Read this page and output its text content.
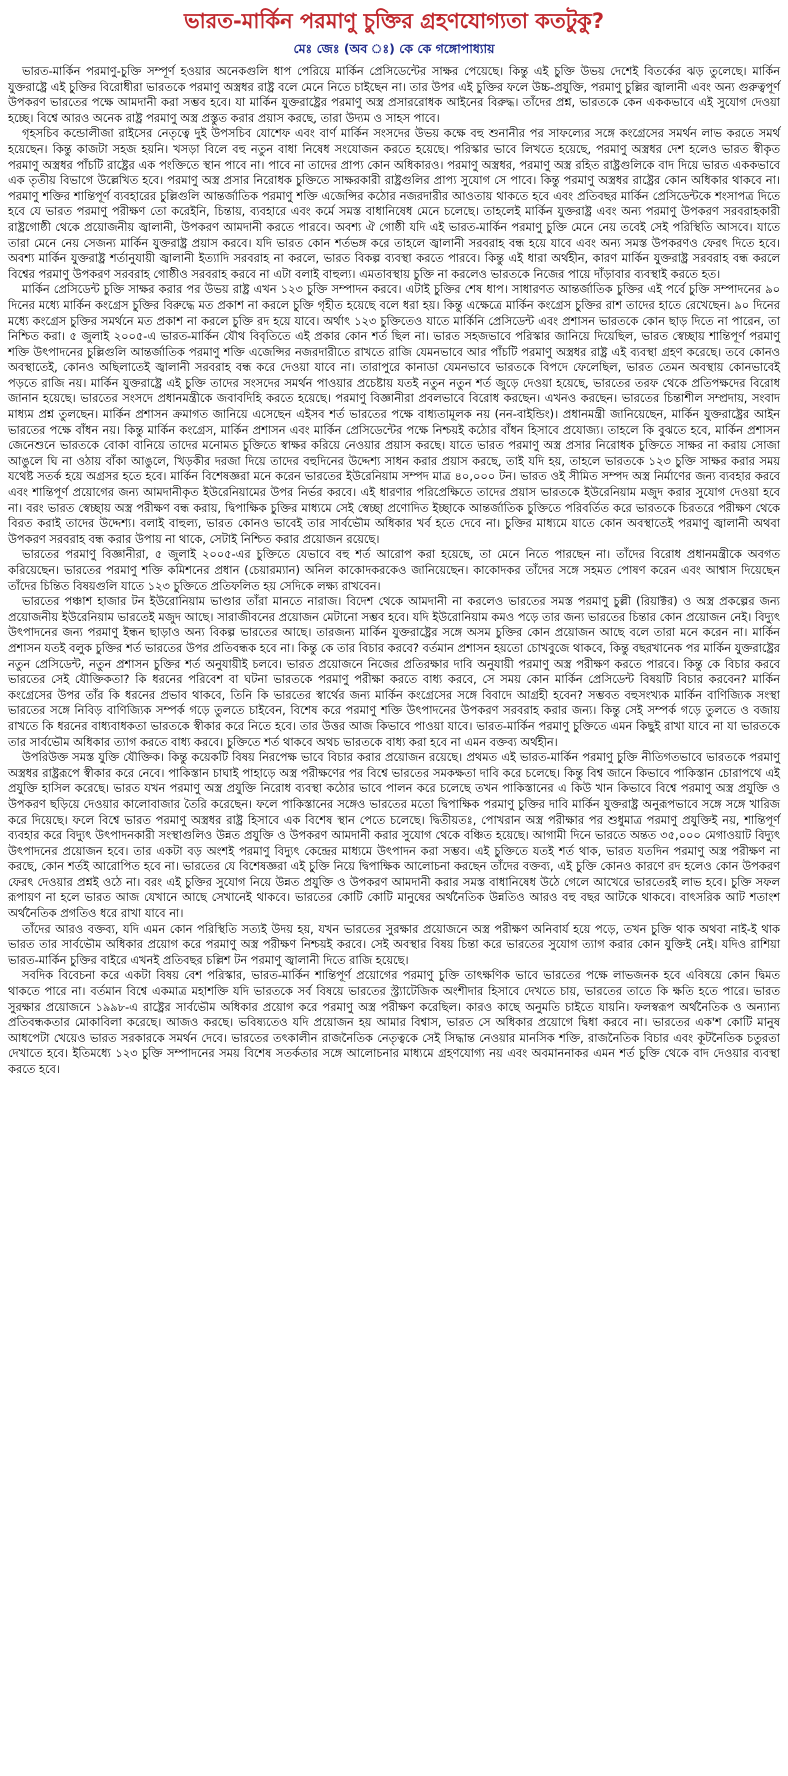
ভারত-মার্কিন পরমাণু চুক্তির গ্রহণযোগ্যতা কতটুকু?
মেঃ জেঃ (অব ঃ) কে কে গঙ্গোপাধ্যায়

ভারত-মার্কিন পরমাণু-চুক্তি সম্পূর্ণ হওয়ার অনেকগুলি ধাপ পেরিয়ে মার্কিন প্রেসিডেন্টের সাক্ষর পেয়েছে। কিন্তু এই চুক্তি উভয় দেশেই বিতর্কের ঝড় তুলেছে। মার্কিন যুক্তরাষ্ট্রে এই চুক্তির বিরোধীরা ভারতকে পরমাণু অস্ত্রধর রাষ্ট্র বলে মেনে নিতে চাইছেন না। তার উপর এই চুক্তির ফলে উচ্চ-প্রযুক্তি, পরমাণু চুল্লির জ্বালানী এবং অন্য গুরুত্বপূর্ণ উপকরণ ভারতের পক্ষে আমদানী করা সম্ভব হবে। যা মার্কিন যুক্তরাষ্ট্রের পরমাণু অস্ত্র প্রসাররোধক আইনের বিরুদ্ধ। তাঁদের প্রশ্ন, ভারতকে কেন এককভাবে এই সুযোগ দেওয়া হচ্ছে। বিশ্বে আরও অনেক রাষ্ট্র পরমাণু অস্ত্র প্রস্তুত করার প্রয়াস করছে, তারা উদ্যম ও সাহস পাবে।

গৃহসচিব কন্ডোলীজা রাইসের নেতৃত্বে দুই উপসচিব যোশেফ এবং বার্ণ মার্কিন সংসদের উভয় কক্ষে বহু শুনানীর পর সাফল্যের সঙ্গে কংগ্রেসের সমর্থন লাভ করতে সমর্থ হয়েছেন। কিন্তু কাজটা সহজ হয়নি। খসড়া বিলে বহু নতুন বাধা নিষেধ সংযোজন করতে হয়েছে। পরিস্কার ভাবে লিখতে হয়েছে, পরমাণু অস্ত্রধর দেশ হলেও ভারত স্বীকৃত পরমাণু অস্ত্রধর পাঁচটি রাষ্ট্রের এক পংক্তিতে স্থান পাবে না। পাবে না তাদের প্রাপ্য কোন অধিকারও। পরমাণু অস্ত্রধর, পরমাণু অস্ত্র রহিত রাষ্ট্রগুলিকে বাদ দিয়ে ভারত এককভাবে এক তৃতীয় বিভাগে উল্লেখিত হবে। পরমাণু অস্ত্র প্রসার নিরোধক চুক্তিতে সাক্ষরকারী রাষ্ট্রগুলির প্রাপ্য সুযোগ সে পাবে। কিন্তু পরমাণু অস্ত্রধর রাষ্ট্রের কোন অধিকার থাকবে না। পরমাণু শক্তির শান্তিপূর্ণ ব্যবহারের চুল্লিগুলি আন্তর্জাতিক পরমাণু শক্তি এজেন্সির কঠোর নজরদারীর আওতায় থাকতে হবে এবং প্রতিবছর মার্কিন প্রেসিডেন্টকে শংসাপত্র দিতে হবে যে ভারত পরমাণু পরীক্ষণ তো করেইনি, চিন্তায়, ব্যবহারে এবং কর্মে সমস্ত বাধানিষেধ মেনে চলেছে। তাহলেই মার্কিন যুক্তরাষ্ট্র এবং অন্য পরমাণু উপকরণ সরবরাহকারী রাষ্ট্রগোষ্ঠী থেকে প্রয়োজনীয় জ্বালানী, উপকরণ আমদানী করতে পারবে। অবশ্য ঐ গোষ্ঠী যদি এই ভারত-মার্কিন পরমাণু চুক্তি মেনে নেয় তবেই সেই পরিস্থিতি আসবে। যাতে তারা মেনে নেয় সেজন্য মার্কিন যুক্তরাষ্ট্র প্রয়াস করবে। যদি ভারত কোন শর্তভঙ্গ করে তাহলে জ্বালানী সরবরাহ বন্ধ হয়ে যাবে এবং অন্য সমস্ত উপকরণও ফেরৎ দিতে হবে। অবশ্য মার্কিন যুক্তরাষ্ট্র শর্তানুযায়ী জ্বালানী ইত্যাদি সরবরাহ না করলে, ভারত বিকল্প ব্যবস্থা করতে পারবে। কিন্তু এই ধারা অর্থহীন, কারণ মার্কিন যুক্তরাষ্ট্র সরবরাহ বন্ধ করলে বিশ্বের পরমাণু উপকরণ সরবরাহ গোষ্ঠীও সরবরাহ করবে না এটা বলাই বাহুল্য। এমতাবস্থায় চুক্তি না করলেও ভারতকে নিজের পায়ে দাঁড়াবার ব্যবস্থাই করতে হত।

মার্কিন প্রেসিডেন্ট চুক্তি সাক্ষর করার পর উভয় রাষ্ট্র এখন ১২৩ চুক্তি সম্পাদন করবে। এটাই চুক্তির শেষ ধাপ। সাধারণত আন্তর্জাতিক চুক্তির এই পর্বে চুক্তি সম্পাদনের ৯০ দিনের মধ্যে মার্কিন কংগ্রেস চুক্তির বিরুদ্ধে মত প্রকাশ না করলে চুক্তি গৃহীত হয়েছে বলে ধরা হয়। কিন্তু এক্ষেত্রে মার্কিন কংগ্রেস চুক্তির রাশ তাদের হাতে রেখেছেন। ৯০ দিনের মধ্যে কংগ্রেস চুক্তির সমর্থনে মত প্রকাশ না করলে চুক্তি রদ হয়ে যাবে। অর্থাৎ ১২৩ চুক্তিতেও যাতে মার্কিনি প্রেসিডেন্ট এবং প্রশাসন ভারতকে কোন ছাড় দিতে না পারেন, তা নিশ্চিত করা। ৫ জুলাই ২০০৫-এ ভারত-মার্কিন যৌথ বিবৃতিতে এই প্রকার কোন শর্ত ছিল না। ভারত সহজভাবে পরিস্কার জানিয়ে দিয়েছিল, ভারত স্বেচ্ছায় শান্তিপূর্ণ পরমাণু শক্তি উৎপাদনের চুল্লিগুলি আন্তর্জাতিক পরমাণু শক্তি এজেন্সির নজরদারীতে রাখতে রাজি যেমনভাবে আর পাঁচটি পরমাণু অস্ত্রধর রাষ্ট্র এই ব্যবস্থা গ্রহণ করেছে। তবে কোনও অবস্থাতেই, কোনও অছিলাতেই জ্বালানী সরবরাহ বন্ধ করে দেওয়া যাবে না। তারাপুরে কানাডা যেমনভাবে ভারতকে বিপদে ফেলেছিল, ভারত তেমন অবস্থায় কোনভাবেই পড়তে রাজি নয়। মার্কিন যুক্তরাষ্ট্রে এই চুক্তি তাদের সংসদের সমর্থন পাওয়ার প্রচেষ্টায় যতই নতুন নতুন শর্ত জুড়ে দেওয়া হয়েছে, ভারতের তরফ থেকে প্রতিপক্ষদের বিরোধ জানান হয়েছে। ভারতের সংসদে প্রধানমন্ত্রীকে জবাবদিহি করতে হয়েছে। পরমাণু বিজ্ঞানীরা প্রবলভাবে বিরোধ করছেন। এখনও করছেন। ভারতের চিন্তাশীল সম্প্রদায়, সংবাদ মাধ্যম প্রশ্ন তুলছেন। মার্কিন প্রশাসন ক্রমাগত জানিয়ে এসেছেন এইসব শর্ত ভারতের পক্ষে বাধ্যতামূলক নয় (নন-বাইন্ডিং)। প্রধানমন্ত্রী জানিয়েছেন, মার্কিন যুক্তরাষ্ট্রের আইন ভারতের পক্ষে বাঁধন নয়। কিন্তু মার্কিন কংগ্রেস, মার্কিন প্রশাসন এবং মার্কিন প্রেসিডেন্টের পক্ষে নিশ্চয়ই কঠোর বাঁধন হিসাবে প্রযোজ্য। তাহলে কি বুঝতে হবে, মার্কিন প্রশাসন জেনেশুনে ভারতকে বোকা বানিয়ে তাদের মনোমত চুক্তিতে স্বাক্ষর করিয়ে নেওয়ার প্রয়াস করছে। যাতে ভারত পরমাণু অস্ত্র প্রসার নিরোধক চুক্তিতে সাক্ষর না করায় সোজা আঙুলে ঘি না ওঠায় বাঁকা আঙুলে, খিড়কীর দরজা দিয়ে তাদের বহুদিনের উদ্দেশ্য সাধন করার প্রয়াস করছে, তাই যদি হয়, তাহলে ভারতকে ১২৩ চুক্তি সাক্ষর করার সময় যথেষ্ট সতর্ক হয়ে অগ্রসর হতে হবে। মার্কিন বিশেষজ্ঞরা মনে করেন ভারতের ইউরেনিয়াম সম্পদ মাত্র ৪০,০০০ টন। ভারত ওই সীমিত সম্পদ অস্ত্র নির্মাণের জন্য ব্যবহার করবে এবং শান্তিপূর্ণ প্রয়োগের জন্য আমদানীকৃত ইউরেনিয়ামের উপর নির্ভর করবে। এই ধারণার পরিপ্রেক্ষিতে তাদের প্রয়াস ভারতকে ইউরেনিয়াম মজুদ করার সুযোগ দেওয়া হবে না। বরং ভারত স্বেচ্ছায় অস্ত্র পরীক্ষণ বন্ধ করায়, দ্বিপাক্ষিক চুক্তির মাধ্যমে সেই স্বেচ্ছা প্রণোদিত ইচ্ছাকে আন্তর্জাতিক চুক্তিতে পরিবর্তিত করে ভারতকে চিরতরে পরীক্ষণ থেকে বিরত করাই তাদের উদ্দেশ্য। বলাই বাহুল্য, ভারত কোনও ভাবেই তার সার্বভৌম অধিকার খর্ব হতে দেবে না। চুক্তির মাধ্যমে যাতে কোন অবস্থাতেই পরমাণু জ্বালানী অথবা উপকরণ সরবরাহ বন্ধ করার উপায় না থাকে, সেটাই নিশ্চিত করার প্রয়োজন রয়েছে।

ভারতের পরমাণু বিজ্ঞানীরা, ৫ জুলাই ২০০৫-এর চুক্তিতে যেভাবে বহু শর্ত আরোপ করা হয়েছে, তা মেনে নিতে পারছেন না। তাঁদের বিরোধ প্রধানমন্ত্রীকে অবগত করিয়েছেন। ভারতের পরমাণু শক্তি কমিশনের প্রধান (চেয়ারম্যান) অনিল কাকোদকরকেও জানিয়েছেন। কাকোদকর তাঁদের সঙ্গে সহমত পোষণ করেন এবং আশ্বাস দিয়েছেন তাঁদের চিন্তিত বিষয়গুলি যাতে ১২৩ চুক্তিতে প্রতিফলিত হয় সেদিকে লক্ষ্য রাখবেন।

ভারতের পঞ্চাশ হাজার টন ইউরোনিয়াম ভাণ্ডার তাঁরা মানতে নারাজ। বিদেশ থেকে আমদানী না করলেও ভারতের সমস্ত পরমাণু চুল্লী (রিয়াক্টর) ও অস্ত্র প্রকল্পের জন্য প্রয়োজনীয় ইউরেনিয়াম ভারতেই মজুদ আছে। সারাজীবনের প্রয়োজন মেটানো সম্ভব হবে। যদি ইউরোনিয়াম কমও পড়ে তার জন্য ভারতের চিন্তার কোন প্রয়োজন নেই। বিদ্যুৎ উৎপাদনের জন্য পরমাণু ইন্ধন ছাড়াও অন্য বিকল্প ভারতের আছে। তারজন্য মার্কিন যুক্তরাষ্ট্রের সঙ্গে অসম চুক্তির কোন প্রয়োজন আছে বলে তারা মনে করেন না। মার্কিন প্রশাসন যতই বলুক চুক্তির শর্ত ভারতের উপর প্রতিবন্ধক হবে না। কিন্তু কে তার বিচার করবে? বর্তমান প্রশাসন হয়তো চোখবুজে থাকবে, কিন্তু বছরখানেক পর মার্কিন যুক্তরাষ্ট্রের নতুন প্রেসিডেন্ট, নতুন প্রশাসন চুক্তির শর্ত অনুযায়ীই চলবে। ভারত প্রয়োজনে নিজের প্রতিরক্ষার দাবি অনুযায়ী পরমাণু অস্ত্র পরীক্ষণ করতে পারবে। কিন্তু কে বিচার করবে ভারতের সেই যৌক্তিকতা? কি ধরনের পরিবেশ বা ঘটনা ভারতকে পরমাণু পরীক্ষা করতে বাধ্য করবে, সে সময় কোন মার্কিন প্রেসিডেন্ট বিষয়টি বিচার করবেন? মার্কিন কংগ্রেসের উপর তাঁর কি ধরনের প্রভাব থাকবে, তিনি কি ভারতের স্বার্থের জন্য মার্কিন কংগ্রেসের সঙ্গে বিবাদে আগ্রহী হবেন? সম্ভবত বহুসংখ্যক মার্কিন বাণিজ্যিক সংস্থা ভারতের সঙ্গে নিবিড় বাণিজ্যিক সম্পর্ক গড়ে তুলতে চাইবেন, বিশেষ করে পরমাণু শক্তি উৎপাদনের উপকরণ সরবরাহ করার জন্য। কিন্তু সেই সম্পর্ক গড়ে তুলতে ও বজায় রাখতে কি ধরনের বাধ্যবাধকতা ভারতকে স্বীকার করে নিতে হবে। তার উত্তর আজ কিভাবে পাওয়া যাবে। ভারত-মার্কিন পরমাণু চুক্তিতে এমন কিছুই রাখা যাবে না যা ভারতকে তার সার্বভৌম অধিকার ত্যাগ করতে বাধ্য করবে। চুক্তিতে শর্ত থাকবে অথচ ভারতকে বাধ্য করা হবে না এমন বক্তব্য অর্থহীন।

উপরিউক্ত সমস্ত যুক্তি যৌক্তিক। কিন্তু কয়েকটি বিষয় নিরপেক্ষ ভাবে বিচার করার প্রয়োজন রয়েছে। প্রথমত এই ভারত-মার্কিন পরমাণু চুক্তি নীতিগতভাবে ভারতকে পরমাণু অস্ত্রধর রাষ্ট্ররূপে স্বীকার করে নেবে। পাকিস্তান চাঘাই পাহাড়ে অস্ত্র পরীক্ষণের পর বিশ্বে ভারতের সমকক্ষতা দাবি করে চলেছে। কিন্তু বিশ্ব জানে কিভাবে পাকিস্তান চোরাপথে এই প্রযুক্তি হাসিল করেছে। ভারত যখন পরমাণু অস্ত্র প্রযুক্তি নিরোধ ব্যবস্থা কঠোর ভাবে পালন করে চলেছে তখন পাকিস্তানের এ কিউ খান কিভাবে বিশ্বে পরমাণু অস্ত্র প্রযুক্তি ও উপকরণ ছড়িয়ে দেওয়ার কালোবাজার তৈরি করেছেন। ফলে পাকিস্তানের সঙ্গেও ভারতের মতো দ্বিপাক্ষিক পরমাণু চুক্তির দাবি মার্কিন যুক্তরাষ্ট্র অনুরূপভাবে সঙ্গে সঙ্গে খারিজ করে দিয়েছে। ফলে বিশ্বে ভারত পরমাণু অস্ত্রধর রাষ্ট্র হিসাবে এক বিশেষ স্থান পেতে চলেছে। দ্বিতীয়তঃ, পোখরান অস্ত্র পরীক্ষার পর শুধুমাত্র পরমাণু প্রযুক্তিই নয়, শান্তিপূর্ণ ব্যবহার করে বিদ্যুৎ উৎপাদনকারী সংস্থাগুলিও উন্নত প্রযুক্তি ও উপকরণ আমদানী করার সুযোগ থেকে বঞ্চিত হয়েছে। আগামী দিনে ভারতে অন্তত ৩৫,০০০ মেগাওয়াট বিদ্যুৎ উৎপাদনের প্রয়োজন হবে। তার একটা বড় অংশই পরমাণু বিদ্যুৎ কেন্দ্রের মাধ্যমে উৎপাদন করা সম্ভব। এই চুক্তিতে যতই শর্ত থাক, ভারত যতদিন পরমাণু অস্ত্র পরীক্ষণ না করছে, কোন শর্তই আরোপিত হবে না। ভারতের যে বিশেষজ্ঞরা এই চুক্তি নিয়ে দ্বিপাক্ষিক আলোচনা করছেন তাঁদের বক্তব্য, এই চুক্তি কোনও কারণে রদ হলেও কোন উপকরণ ফেরৎ দেওয়ার প্রশ্নই ওঠে না। বরং এই চুক্তির সুযোগ নিয়ে উন্নত প্রযুক্তি ও উপকরণ আমদানী করার সমস্ত বাধানিষেধ উঠে গেলে আখেরে ভারতেরই লাভ হবে। চুক্তি সফল রূপায়ণ না হলে ভারত আজ যেখানে আছে সেখানেই থাকবে। ভারতের কোটি কোটি মানুষের অর্থনৈতিক উন্নতিও আরও বহু বছর আটকে থাকবে। বাৎসরিক আট শতাংশ অর্থনৈতিক প্রগতিও ধরে রাখা যাবে না।

তাঁদের আরও বক্তব্য, যদি এমন কোন পরিস্থিতি সত্যই উদয় হয়, যখন ভারতের সুরক্ষার প্রয়োজনে অস্ত্র পরীক্ষণ অনিবার্য হয়ে পড়ে, তখন চুক্তি থাক অথবা নাই-ই থাক ভারত তার সার্বভৌম অধিকার প্রয়োগ করে পরমাণু অস্ত্র পরীক্ষণ নিশ্চয়ই করবে। সেই অবস্থার বিষয় চিন্তা করে ভারতের সুযোগ ত্যাগ করার কোন যুক্তিই নেই। যদিও রাশিয়া ভারত-মার্কিন চুক্তির বাইরে এখনই প্রতিবছর চল্লিশ টন পরমাণু জ্বালানী দিতে রাজি হয়েছে।

সবদিক বিবেচনা করে একটা বিষয় বেশ পরিস্কার, ভারত-মার্কিন শান্তিপূর্ণ প্রয়োগের পরমাণু চুক্তি তাৎক্ষণিক ভাবে ভারতের পক্ষে লাভজনক হবে এবিষয়ে কোন দ্বিমত থাকতে পারে না। বর্তমান বিশ্বে একমাত্র মহাশক্তি যদি ভারতকে সর্ব বিষয়ে ভারতের স্ট্র্যাটেজিক অংশীদার হিসাবে দেখতে চায়, ভারতের তাতে কি ক্ষতি হতে পারে। ভারত সুরক্ষার প্রয়োজনে ১৯৯৮-এ রাষ্ট্রের সার্বভৌম অধিকার প্রয়োগ করে পরমাণু অস্ত্র পরীক্ষণ করেছিল। কারও কাছে অনুমতি চাইতে যায়নি। ফলস্বরূপ অর্থনৈতিক ও অন্যান্য প্রতিবন্ধকতার মোকাবিলা করেছে। আজও করছে। ভবিষ্যতেও যদি প্রয়োজন হয় আমার বিশ্বাস, ভারত সে অধিকার প্রয়োগে দ্বিধা করবে না। ভারতের এক'শ কোটি মানুষ আধপেটা খেয়েও ভারত সরকারকে সমর্থন দেবে। ভারতের তৎকালীন রাজনৈতিক নেতৃত্বকে সেই সিদ্ধান্ত নেওয়ার মানসিক শক্তি, রাজনৈতিক বিচার এবং কূটনৈতিক চতুরতা দেখাতে হবে। ইতিমধ্যে ১২৩ চুক্তি সম্পাদনের সময় বিশেষ সতর্কতার সঙ্গে আলোচনার মাধ্যমে গ্রহণযোগ্য নয় এবং অবমাননাকর এমন শর্ত চুক্তি থেকে বাদ দেওয়ার ব্যবস্থা করতে হবে।
